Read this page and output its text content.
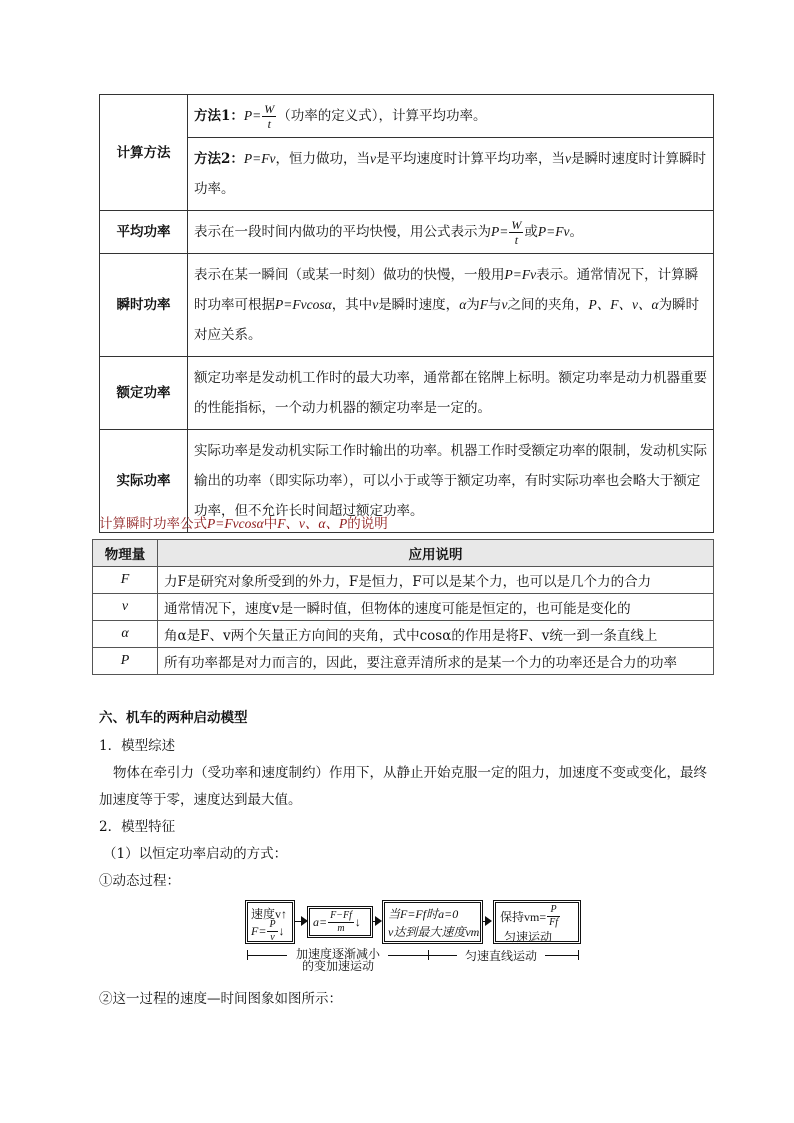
计算方法	方法1：$P= \frac{W}{t}$ （功率的定义式），计算平均功率。
	方法2：P=Fv，恒力做功，当v是平均速度时计算平均功率，当v是瞬时速度时计算瞬时功率。
平均功率	表示在一段时间内做功的平均快慢，用公式表示为$P= \frac{W}{t}$ 或P=Fv。
瞬时功率	表示在某一瞬间（或某一时刻）做功的快慢，一般用P=Fv表示。通常情况下，计算瞬时功率可根据P=Fvcosα，其中v是瞬时速度，α为F与v之间的夹角，P、F、v、α为瞬时对应关系。
额定功率	额定功率是发动机工作时的最大功率，通常都在铭牌上标明。额定功率是动力机器重要的性能指标，一个动力机器的额定功率是一定的。
实际功率	实际功率是发动机实际工作时输出的功率。机器工作时受额定功率的限制，发动机实际输出的功率（即实际功率），可以小于或等于额定功率，有时实际功率也会略大于额定功率，但不允许长时间超过额定功率。
计算瞬时功率公式P=Fvcosα中F、v、α、P的说明
物理量	应用说明
F	力F是研究对象所受到的外力，F是恒力，F可以是某个力，也可以是几个力的合力
v	通常情况下，速度v是一瞬时值，但物体的速度可能是恒定的，也可能是变化的
α	角α是F、v两个矢量正方向间的夹角，式中cosα的作用是将F、v统一到一条直线上
P	所有功率都是对力而言的，因此，要注意弄清所求的是某一个力的功率还是合力的功率
六、机车的两种启动模型
1．模型综述
物体在牵引力（受功率和速度制约）作用下，从静止开始克服一定的阻力，加速度不变或变化，最终
加速度等于零，速度达到最大值。
2．模型特征
（1）以恒定功率启动的方式：
①动态过程：
速度v↑
$F= \frac{P}{v}$ ↓
$a= \frac{F-Ff}{m}$ ↓
当F=Ff时a=0
v达到最大速度vm
保持$vm= \frac{P}{Ff}$
匀速运动
加速度逐渐减小
的变加速运动
匀速直线运动
②这一过程的速度—时间图象如图所示：
